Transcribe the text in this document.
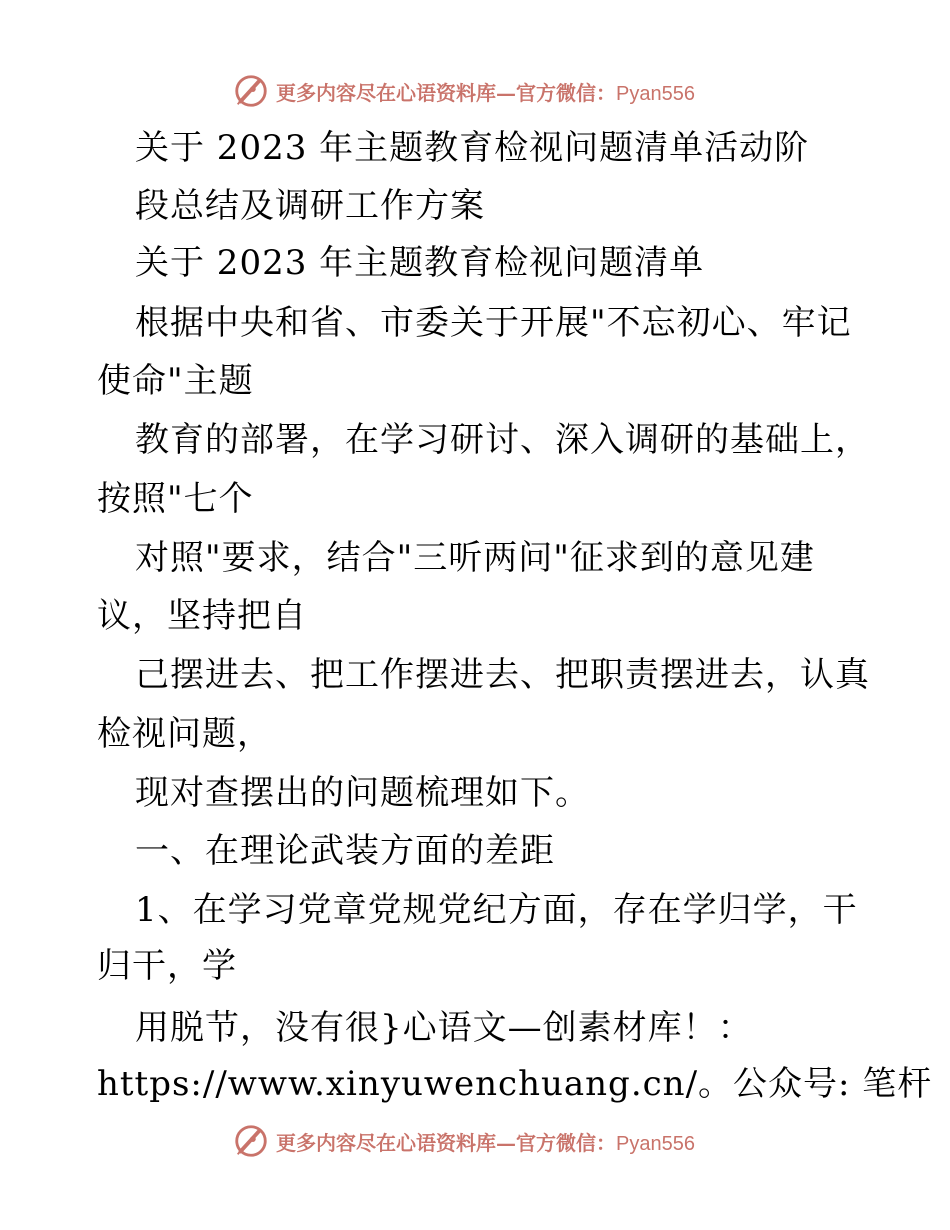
更多内容尽在心语资料库—官方微信：Pyan556
关于 2023 年主题教育检视问题清单活动阶
段总结及调研工作方案
关于 2023 年主题教育检视问题清单
根据中央和省、市委关于开展"不忘初心、牢记
使命"主题
教育的部署，在学习研讨、深入调研的基础上，
按照"七个
对照"要求，结合"三听两问"征求到的意见建
议，坚持把自
己摆进去、把工作摆进去、把职责摆进去，认真
检视问题，
现对查摆出的问题梳理如下。
一、在理论武装方面的差距
1、在学习党章党规党纪方面，存在学归学，干
归干，学
用脱节，没有很}心语文—创素材库！：
https://www.xinyuwenchuang.cn/。公众号: 笔杆
更多内容尽在心语资料库—官方微信：Pyan556
